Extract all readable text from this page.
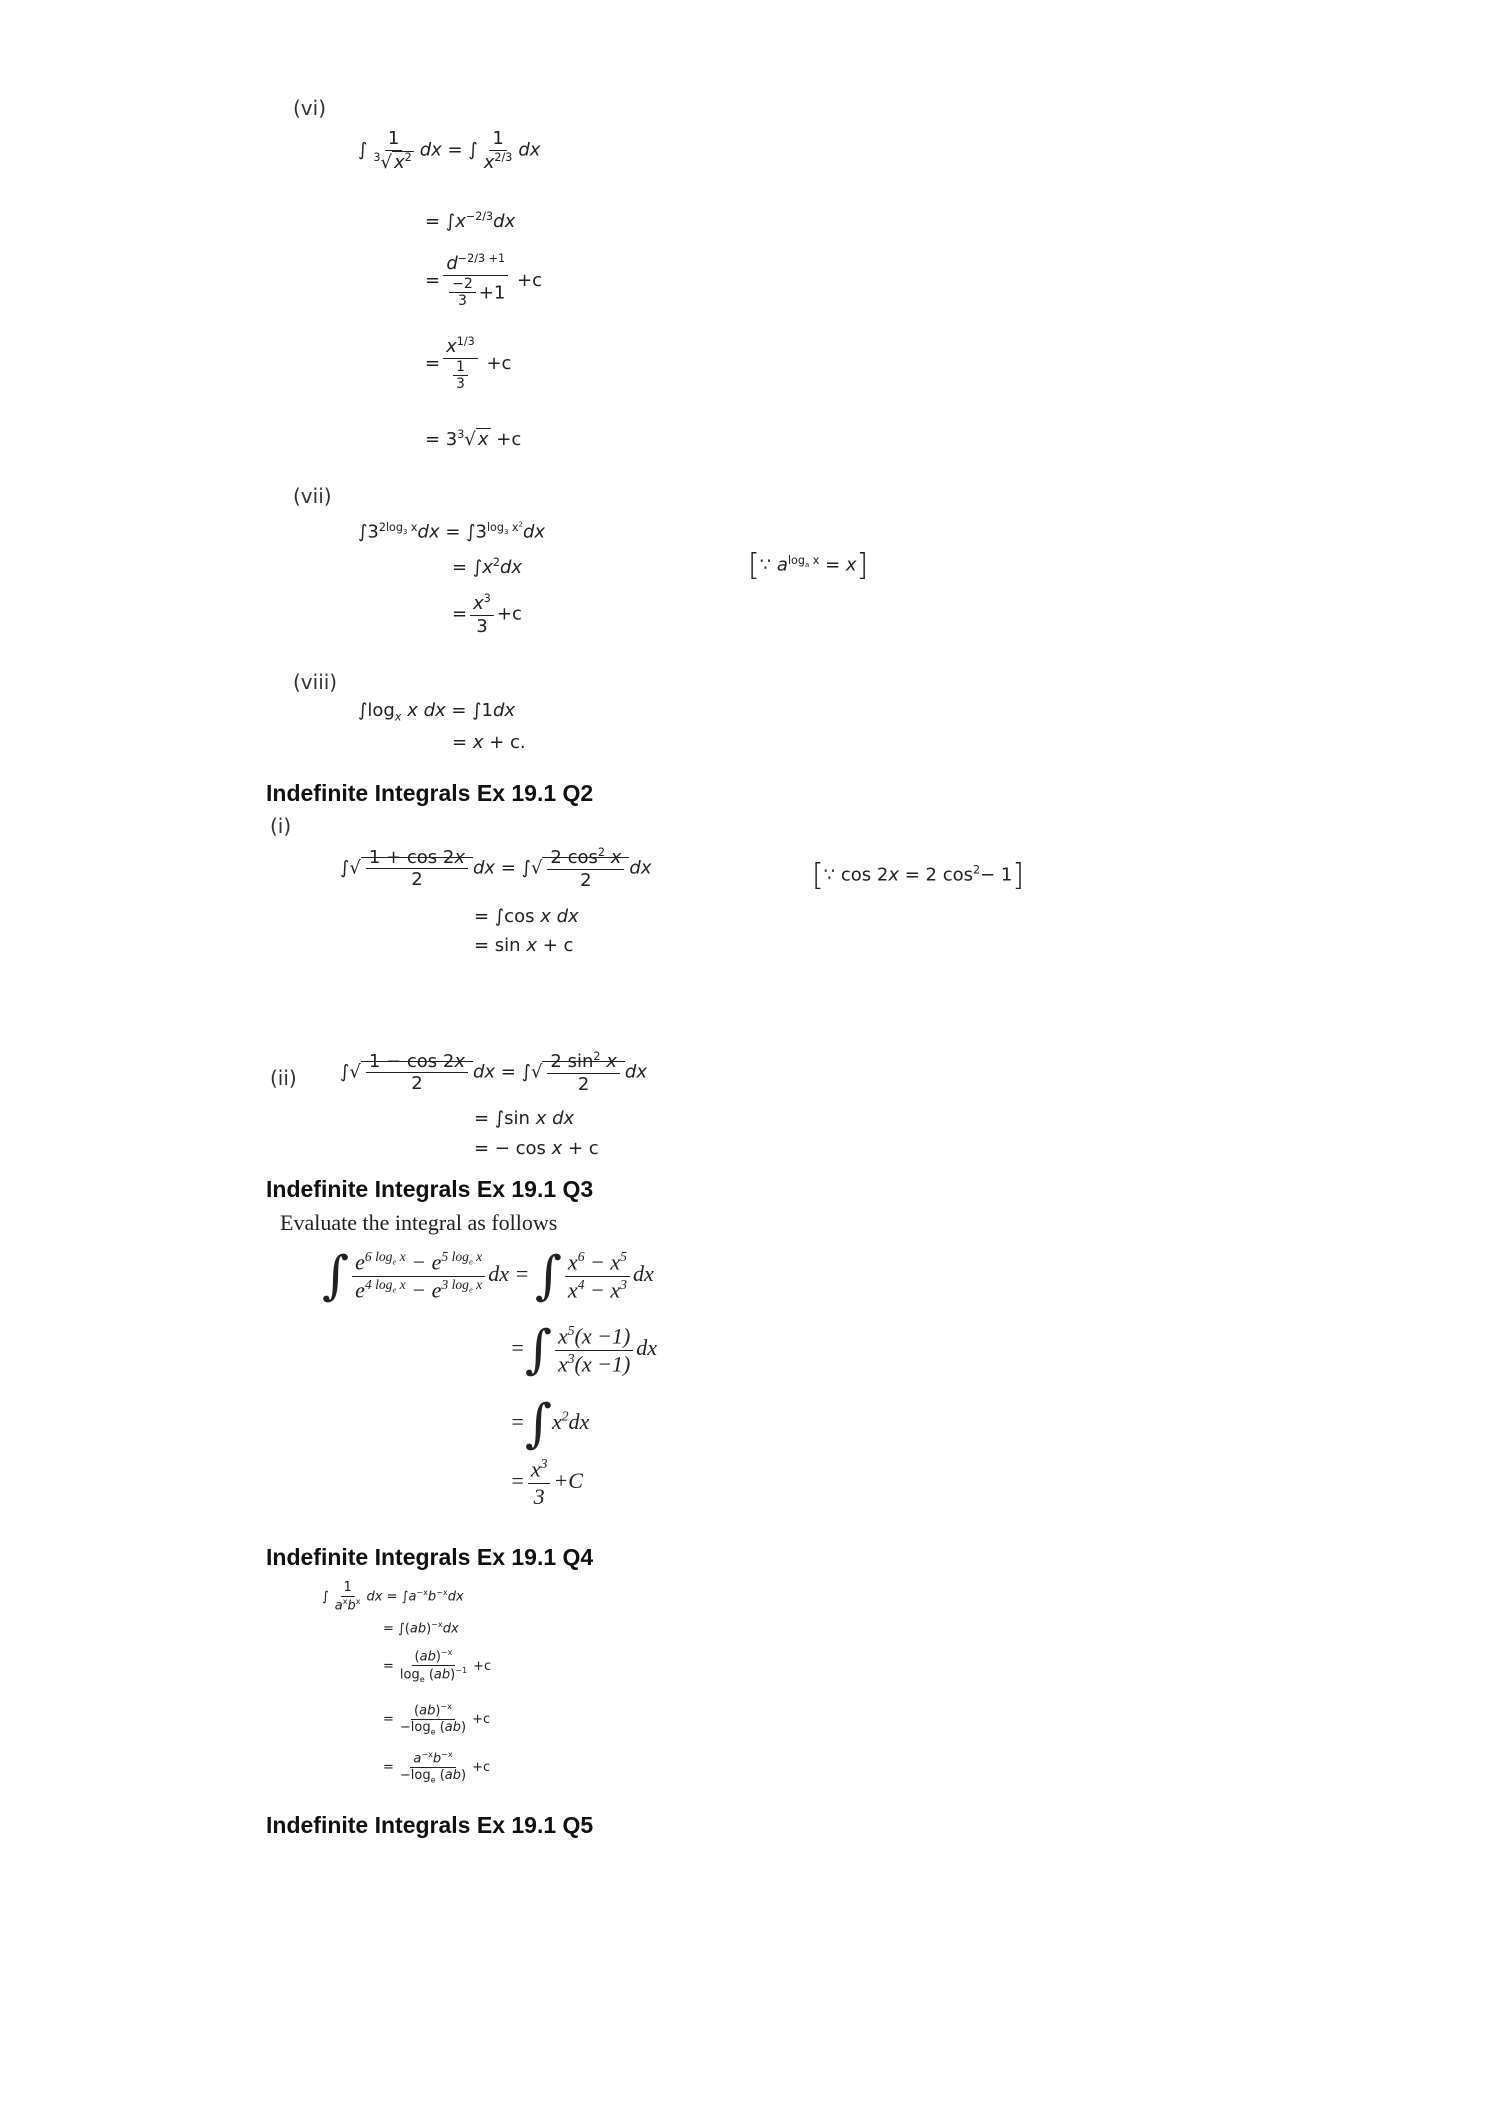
(vi)
∫ $\frac{1}{^3√ x^2}$ dx = ∫ $\frac{1}{x^{2/3}}$ dx
= $\int x^{-2/3}dx$
= $\frac{d^{-2/3 +1}}{\frac{-2}{3} +1} +c$
= $\frac{x^{1/3}}{\frac{1}{3}} +c$
= $3^3√$ x +c
(vii)
$\int 3^{2log_3 x}dx = \int 3^{log_3 x^2}dx$
= $\int x^2dx$
= $\frac{x^3}{3} +c$
[∵ $a^{log_a x} = x$]
(viii)
$\int\log_x$ x dx = ∫1dx
= x + c.
Indefinite Integrals Ex 19.1 Q2
(i)
∫√ $\frac{1 + \cos 2x}{2}$ dx = ∫√ $\frac{2 \cos^2 x}{2}$ dx
= ∫cos x dx
= sin x + c
[∵ cos 2x = 2 $\cos^2- 1$]
(ii) ∫√ $\frac{1 - \cos 2x}{2}$ dx = ∫√ $\frac{2 \sin^2 x}{2}$ dx
= ∫sin x dx
= − cos x + c
Indefinite Integrals Ex 19.1 Q3
Evaluate the integral as follows
∫ $\frac{e^{6 log_e x} - e^{5 log_e x}}{e^{4 log_e x} - e^{3 log_e x}}$ dx = ∫ $\frac{x^6 - x^5}{x^4 - x^3}$ dx
=∫ $\frac{x^5(x -1)}{x^3(x -1)}$ dx
$=\int x^2dx$
= $\frac{x^3}{3} +C$
Indefinite Integrals Ex 19.1 Q4
∫ $\frac{1}{a^xb^x}$ dx = $\int a^{-x}b^{-x}dx$
= ∫(ab)$^{-x}$dx
= $\frac{(ab)^{-x}}{\log_e (ab)^{-1}} +c$
= $\frac{(ab)^{-x}}{-\log_e (ab)} +c$
= $\frac{a^{-x}b^{-x}}{-\log_e (ab)} +c$
Indefinite Integrals Ex 19.1 Q5
